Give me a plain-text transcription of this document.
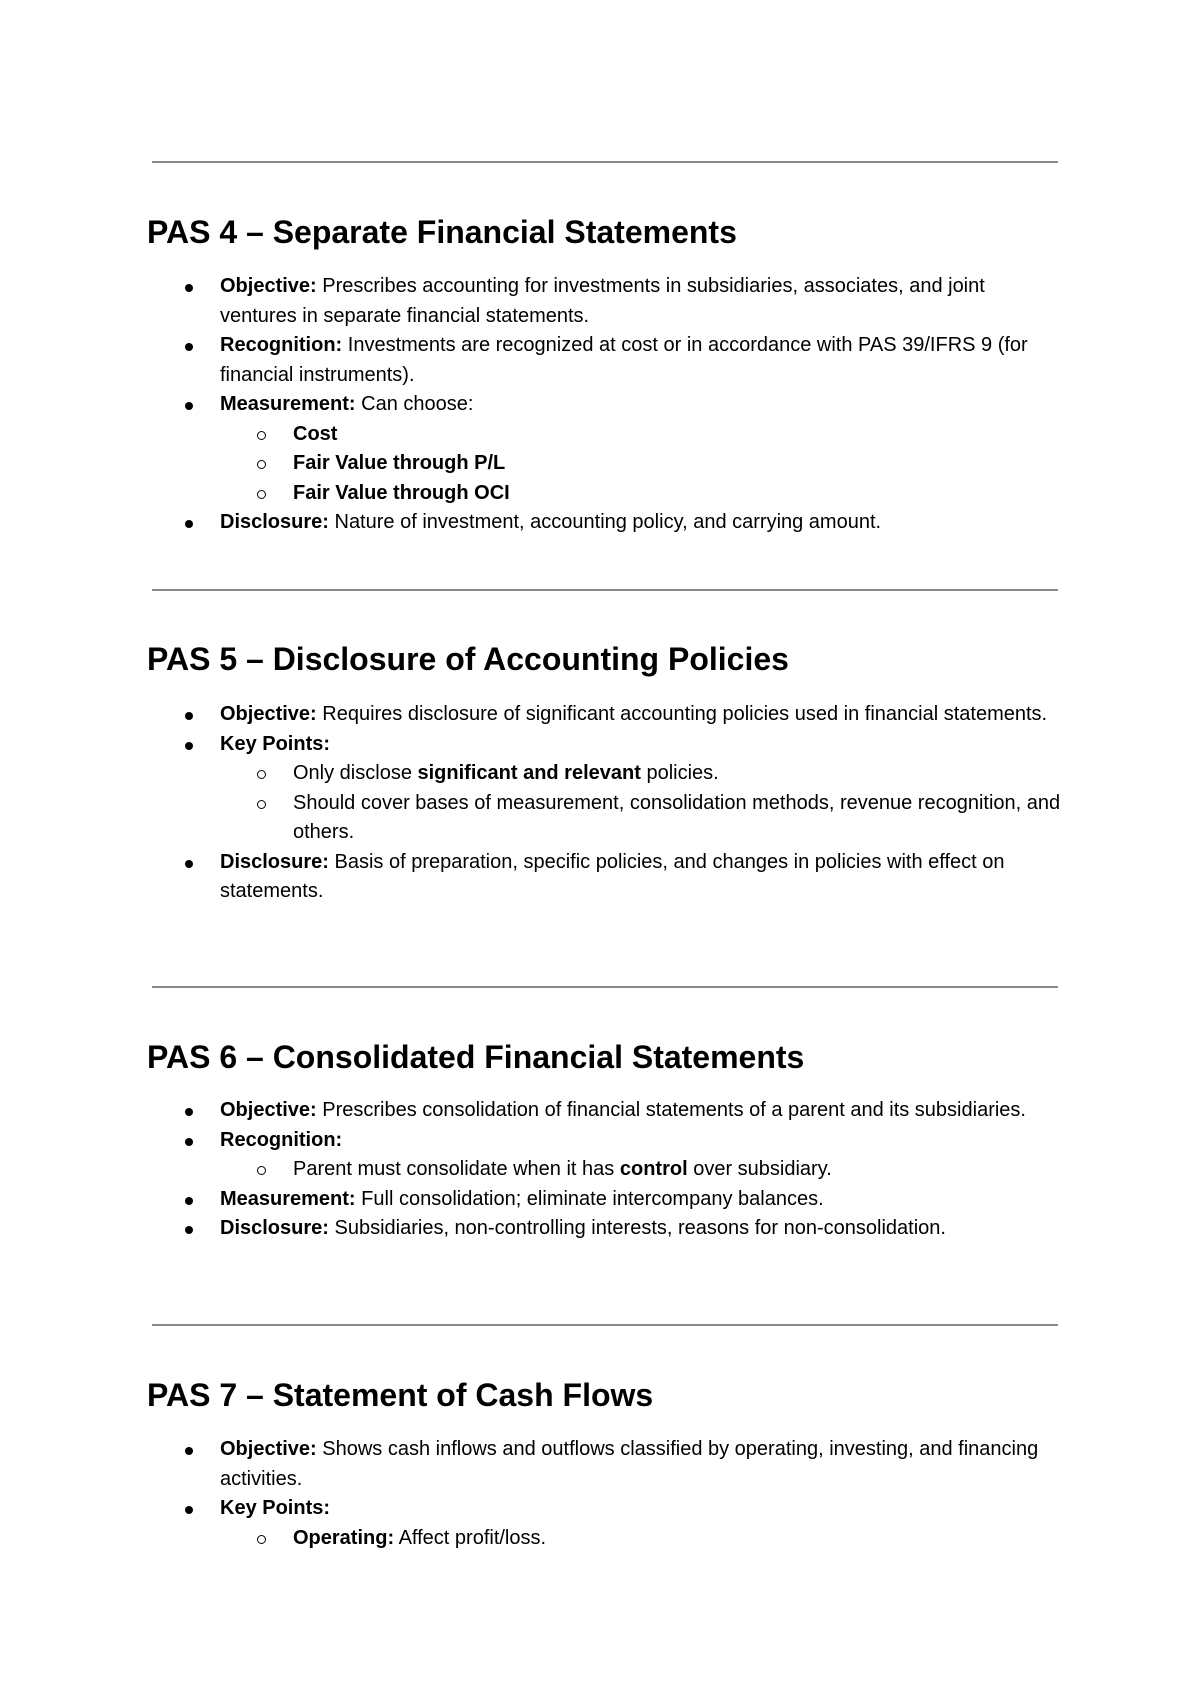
PAS 4 – Separate Financial Statements
Objective: Prescribes accounting for investments in subsidiaries, associates, and joint ventures in separate financial statements.
Recognition: Investments are recognized at cost or in accordance with PAS 39/IFRS 9 (for financial instruments).
Measurement: Can choose:
Cost
Fair Value through P/L
Fair Value through OCI
Disclosure: Nature of investment, accounting policy, and carrying amount.
PAS 5 – Disclosure of Accounting Policies
Objective: Requires disclosure of significant accounting policies used in financial statements.
Key Points:
Only disclose significant and relevant policies.
Should cover bases of measurement, consolidation methods, revenue recognition, and others.
Disclosure: Basis of preparation, specific policies, and changes in policies with effect on statements.
PAS 6 – Consolidated Financial Statements
Objective: Prescribes consolidation of financial statements of a parent and its subsidiaries.
Recognition:
Parent must consolidate when it has control over subsidiary.
Measurement: Full consolidation; eliminate intercompany balances.
Disclosure: Subsidiaries, non-controlling interests, reasons for non-consolidation.
PAS 7 – Statement of Cash Flows
Objective: Shows cash inflows and outflows classified by operating, investing, and financing activities.
Key Points:
Operating: Affect profit/loss.
